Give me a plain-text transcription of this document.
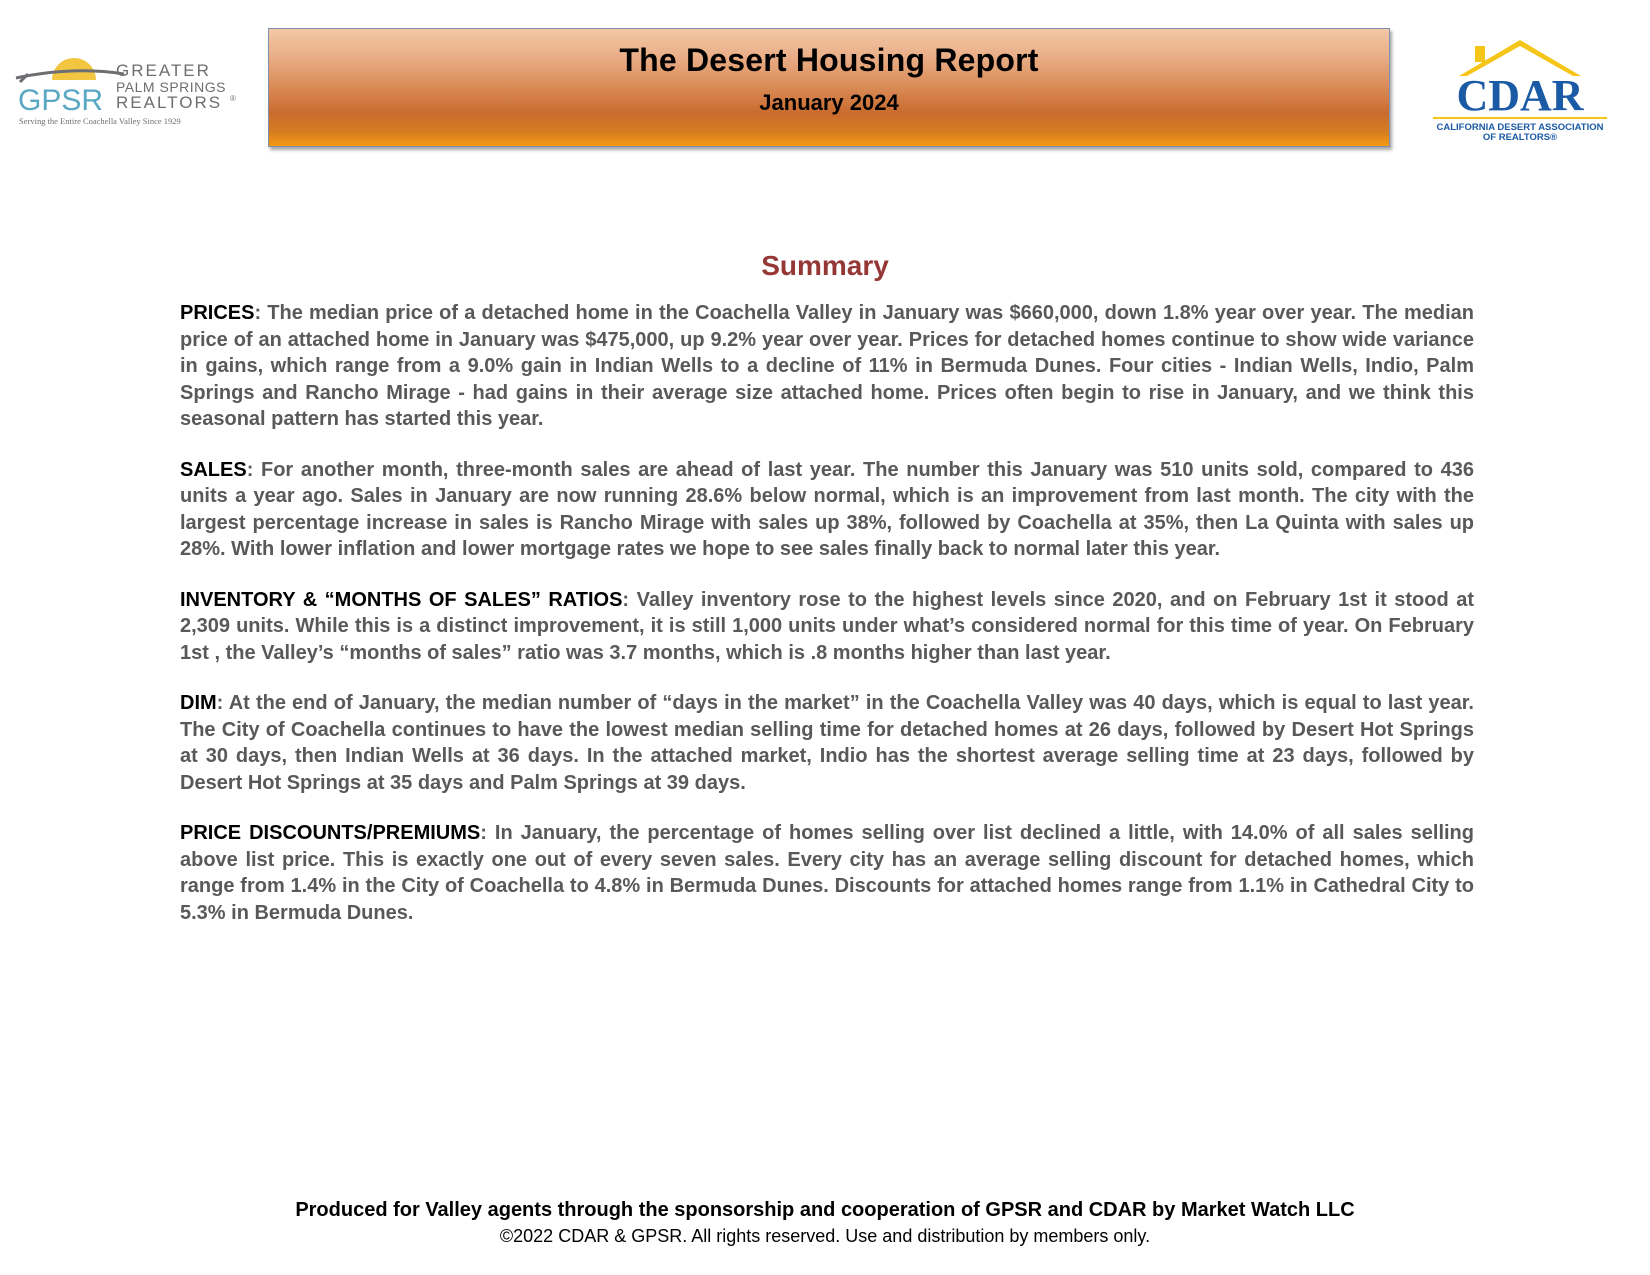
GPSR
GREATER
PALM SPRINGS
REALTORS ®
Serving the Entire Coachella Valley Since 1929
The Desert Housing Report
January 2024	CDAR
CALIFORNIA DESERT ASSOCIATION
OF REALTORS®
Summary

PRICES: The median price of a detached home in the Coachella Valley in January was $660,000, down 1.8% year over year. The median price of an attached home in January was $475,000, up 9.2% year over year. Prices for detached homes continue to show wide variance in gains, which range from a 9.0% gain in Indian Wells to a decline of 11% in Bermuda Dunes. Four cities - Indian Wells, Indio, Palm Springs and Rancho Mirage - had gains in their average size attached home. Prices often begin to rise in January, and we think this seasonal pattern has started this year.

SALES: For another month, three-month sales are ahead of last year. The number this January was 510 units sold, compared to 436 units a year ago. Sales in January are now running 28.6% below normal, which is an improvement from last month. The city with the largest percentage increase in sales is Rancho Mirage with sales up 38%, followed by Coachella at 35%, then La Quinta with sales up 28%. With lower inflation and lower mortgage rates we hope to see sales finally back to normal later this year.

INVENTORY & “MONTHS OF SALES” RATIOS: Valley inventory rose to the highest levels since 2020, and on February 1st it stood at 2,309 units. While this is a distinct improvement, it is still 1,000 units under what’s considered normal for this time of year. On February 1st , the Valley’s “months of sales” ratio was 3.7 months, which is .8 months higher than last year.

DIM: At the end of January, the median number of “days in the market” in the Coachella Valley was 40 days, which is equal to last year. The City of Coachella continues to have the lowest median selling time for detached homes at 26 days, followed by Desert Hot Springs at 30 days, then Indian Wells at 36 days. In the attached market, Indio has the shortest average selling time at 23 days, followed by Desert Hot Springs at 35 days and Palm Springs at 39 days.

PRICE DISCOUNTS/PREMIUMS: In January, the percentage of homes selling over list declined a little, with 14.0% of all sales selling above list price. This is exactly one out of every seven sales. Every city has an average selling discount for detached homes, which range from 1.4% in the City of Coachella to 4.8% in Bermuda Dunes. Discounts for attached homes range from 1.1% in Cathedral City to 5.3% in Bermuda Dunes.

Produced for Valley agents through the sponsorship and cooperation of GPSR and CDAR by Market Watch LLC
©2022 CDAR & GPSR. All rights reserved. Use and distribution by members only.
